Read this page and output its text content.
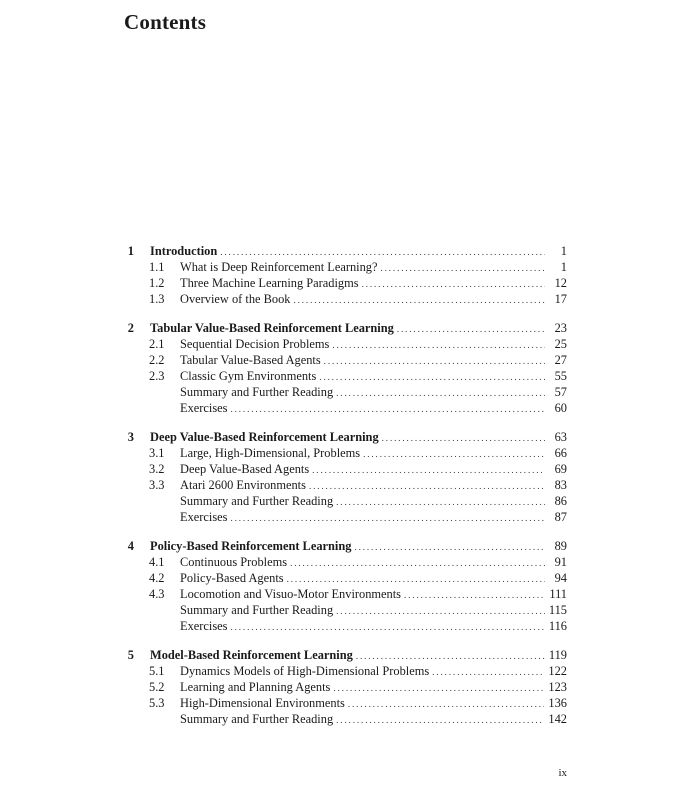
Contents
1 Introduction .....	1
1.1 What is Deep Reinforcement Learning? .....	1
1.2 Three Machine Learning Paradigms .....	12
1.3 Overview of the Book .....	17
2 Tabular Value-Based Reinforcement Learning .....	23
2.1 Sequential Decision Problems .....	25
2.2 Tabular Value-Based Agents .....	27
2.3 Classic Gym Environments .....	55
Summary and Further Reading .....	57
Exercises .....	60
3 Deep Value-Based Reinforcement Learning .....	63
3.1 Large, High-Dimensional, Problems .....	66
3.2 Deep Value-Based Agents .....	69
3.3 Atari 2600 Environments .....	83
Summary and Further Reading .....	86
Exercises .....	87
4 Policy-Based Reinforcement Learning .....	89
4.1 Continuous Problems .....	91
4.2 Policy-Based Agents .....	94
4.3 Locomotion and Visuo-Motor Environments .....	111
Summary and Further Reading .....	115
Exercises .....	116
5 Model-Based Reinforcement Learning .....	119
5.1 Dynamics Models of High-Dimensional Problems .....	122
5.2 Learning and Planning Agents .....	123
5.3 High-Dimensional Environments .....	136
Summary and Further Reading .....	142
ix
